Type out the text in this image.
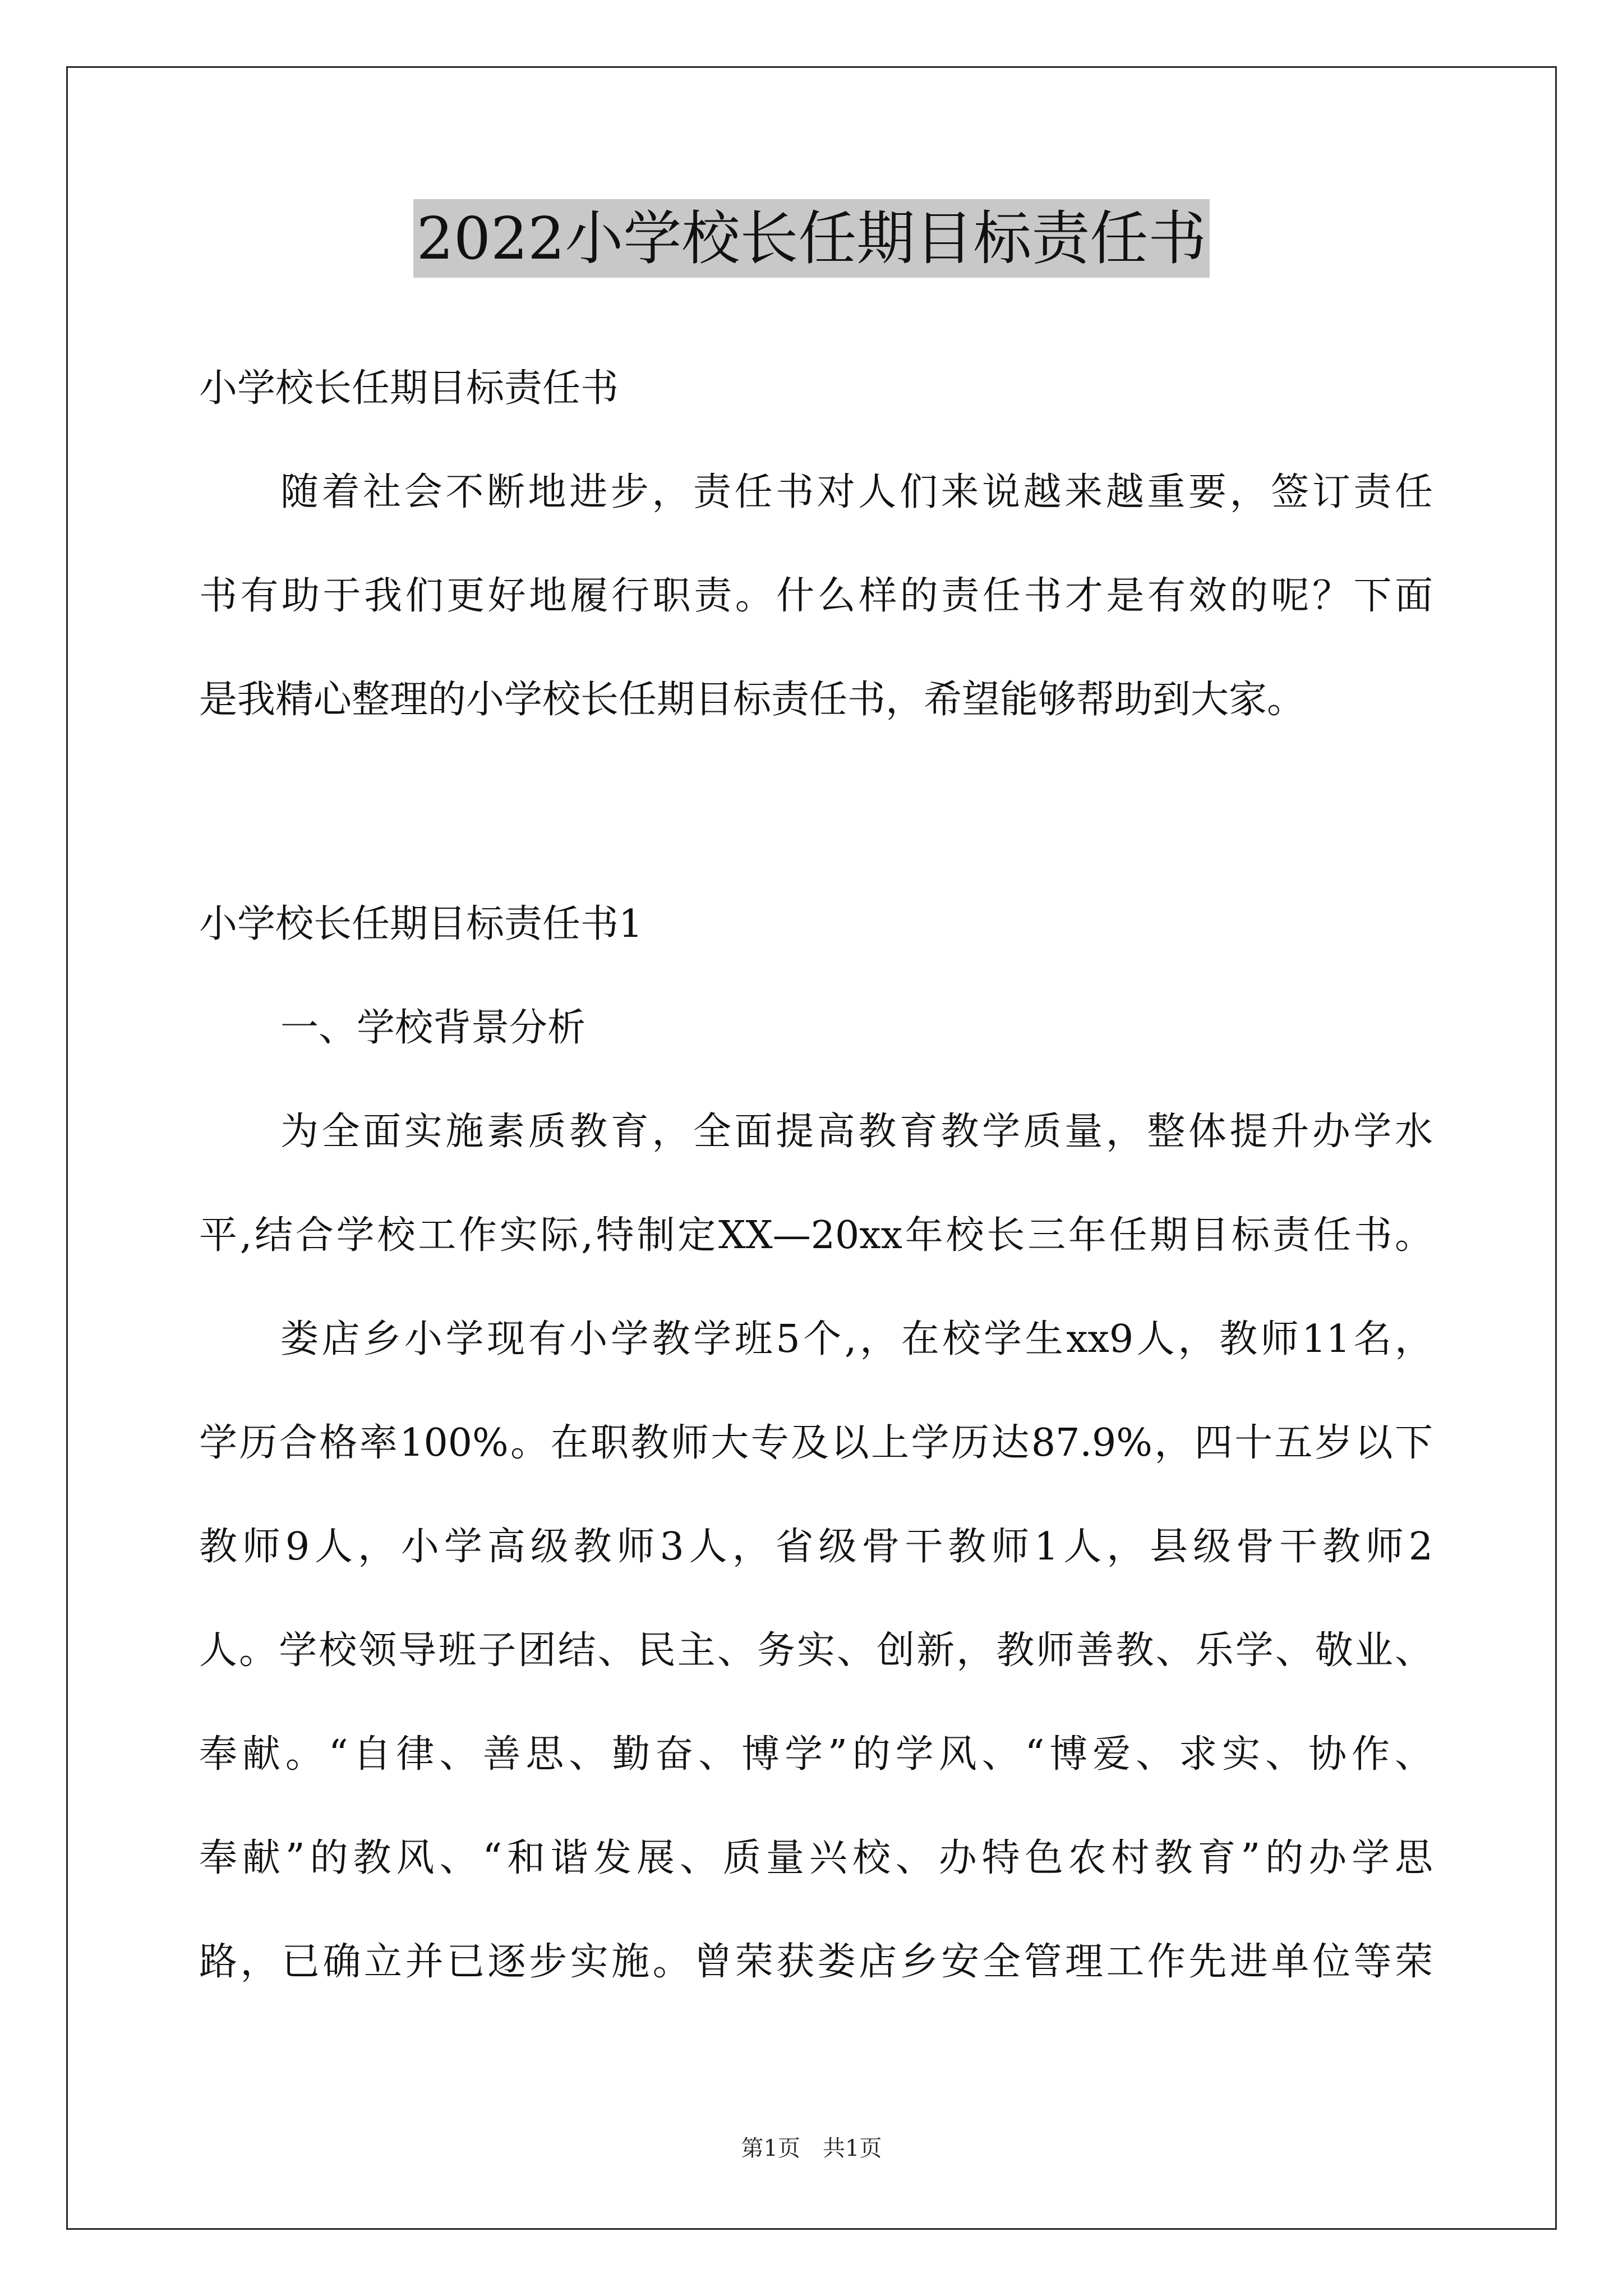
2022小学校长任期目标责任书
小学校长任期目标责任书
随着社会不断地进步，责任书对人们来说越来越重要，签订责任
书有助于我们更好地履行职责。什么样的责任书才是有效的呢？下面
是我精心整理的小学校长任期目标责任书，希望能够帮助到大家。
小学校长任期目标责任书1
一、学校背景分析
为全面实施素质教育，全面提高教育教学质量，整体提升办学水
平,结合学校工作实际,特制定XX—20xx年校长三年任期目标责任书。
娄店乡小学现有小学教学班5个,，在校学生xx9人，教师11名，
学历合格率100%。在职教师大专及以上学历达87.9%，四十五岁以下
教师9人，小学高级教师3人，省级骨干教师1人，县级骨干教师2
人。学校领导班子团结、民主、务实、创新，教师善教、乐学、敬业、
奉献。“自律、善思、勤奋、博学”的学风、“博爱、求实、协作、
奉献”的教风、“和谐发展、质量兴校、办特色农村教育”的办学思
路，已确立并已逐步实施。曾荣获娄店乡安全管理工作先进单位等荣
第1页　共1页
